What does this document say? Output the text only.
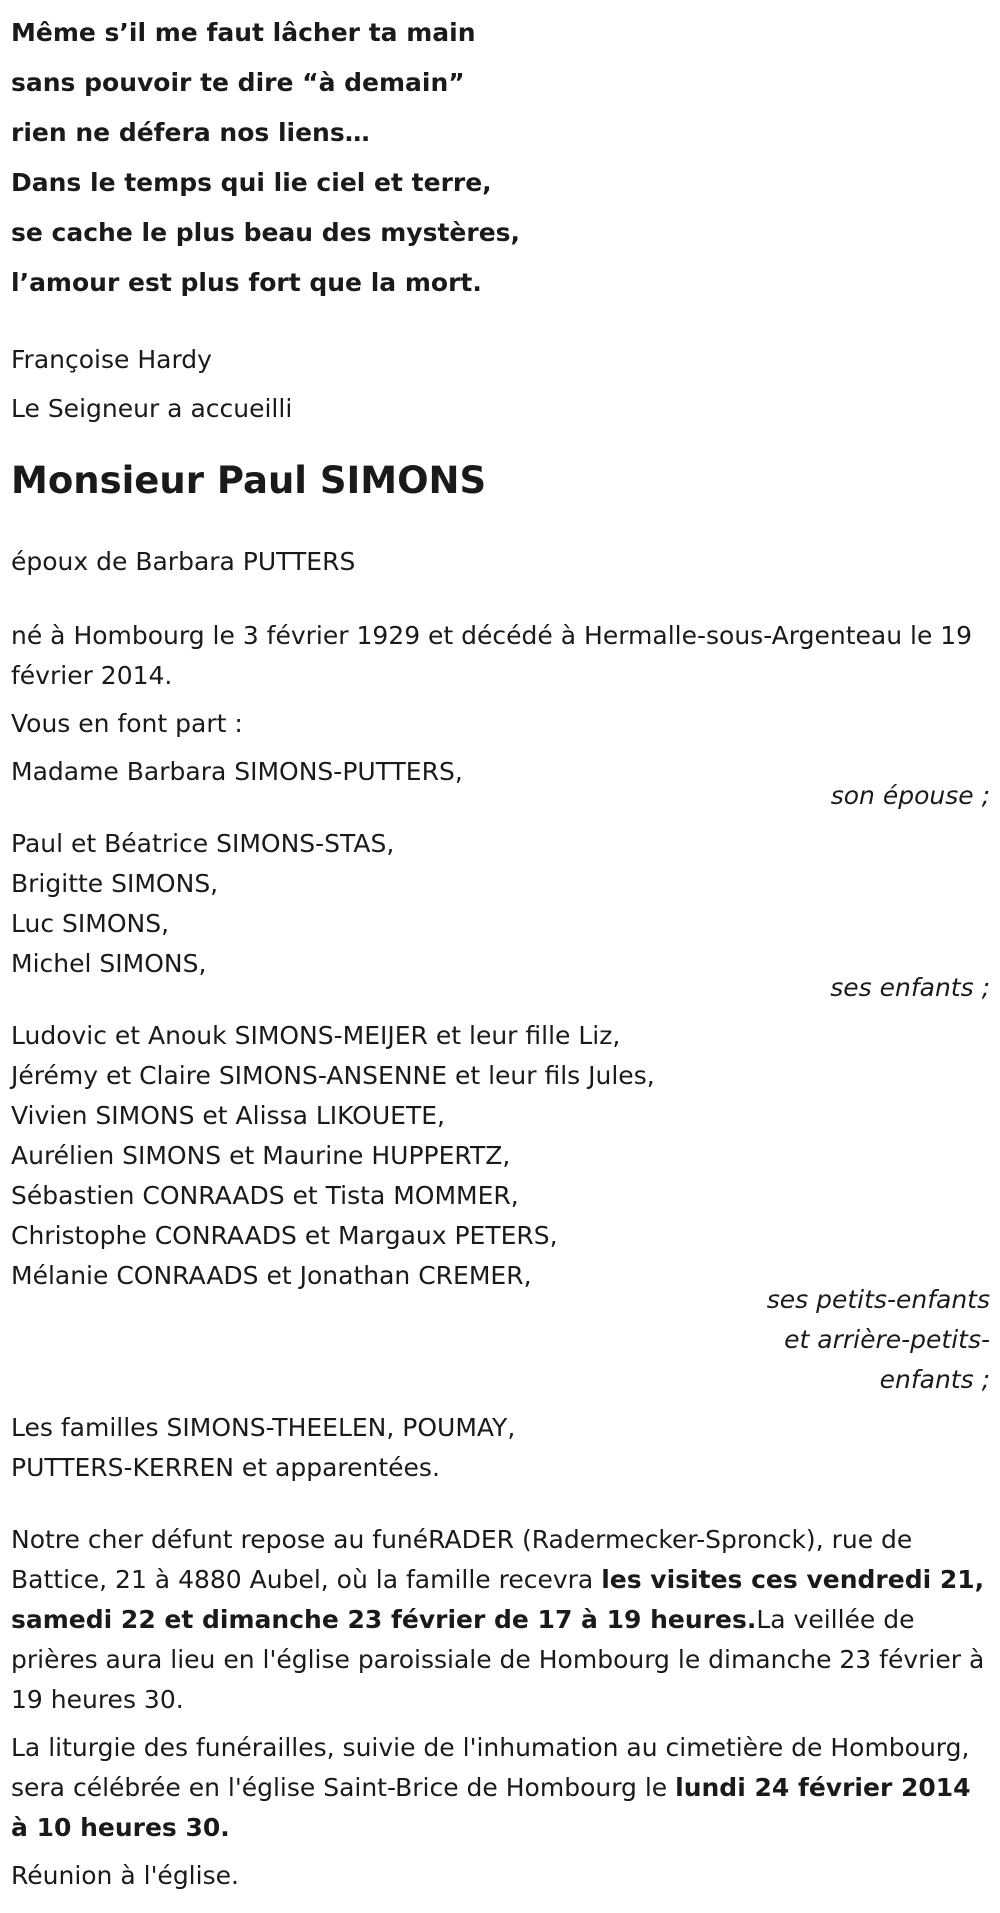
Même s’il me faut lâcher ta main

sans pouvoir te dire “à demain”

rien ne défera nos liens…

Dans le temps qui lie ciel et terre,

se cache le plus beau des mystères,

l’amour est plus fort que la mort.

Françoise Hardy

Le Seigneur a accueilli

Monsieur Paul SIMONS

époux de Barbara PUTTERS

né à Hombourg le 3 février 1929 et décédé à Hermalle-sous-Argenteau le 19 février 2014.

Vous en font part :

Madame Barbara SIMONS-PUTTERS,

son épouse ;

Paul et Béatrice SIMONS-STAS,

Brigitte SIMONS,

Luc SIMONS,

Michel SIMONS,

ses enfants ;

Ludovic et Anouk SIMONS-MEIJER et leur fille Liz,

Jérémy et Claire SIMONS-ANSENNE et leur fils Jules,

Vivien SIMONS et Alissa LIKOUETE,

Aurélien SIMONS et Maurine HUPPERTZ,

Sébastien CONRAADS et Tista MOMMER,

Christophe CONRAADS et Margaux PETERS,

Mélanie CONRAADS et Jonathan CREMER,

ses petits-enfants

et arrière-petits-

enfants ;

Les familles SIMONS-THEELEN, POUMAY,

PUTTERS-KERREN et apparentées.

Notre cher défunt repose au funéRADER (Radermecker-Spronck), rue de Battice, 21 à 4880 Aubel, où la famille recevra les visites ces vendredi 21, samedi 22 et dimanche 23 février de 17 à 19 heures.La veillée de prières aura lieu en l'église paroissiale de Hombourg le dimanche 23 février à 19 heures 30.

La liturgie des funérailles, suivie de l'inhumation au cimetière de Hombourg, sera célébrée en l'église Saint-Brice de Hombourg le lundi 24 février 2014 à 10 heures 30.

Réunion à l'église.
